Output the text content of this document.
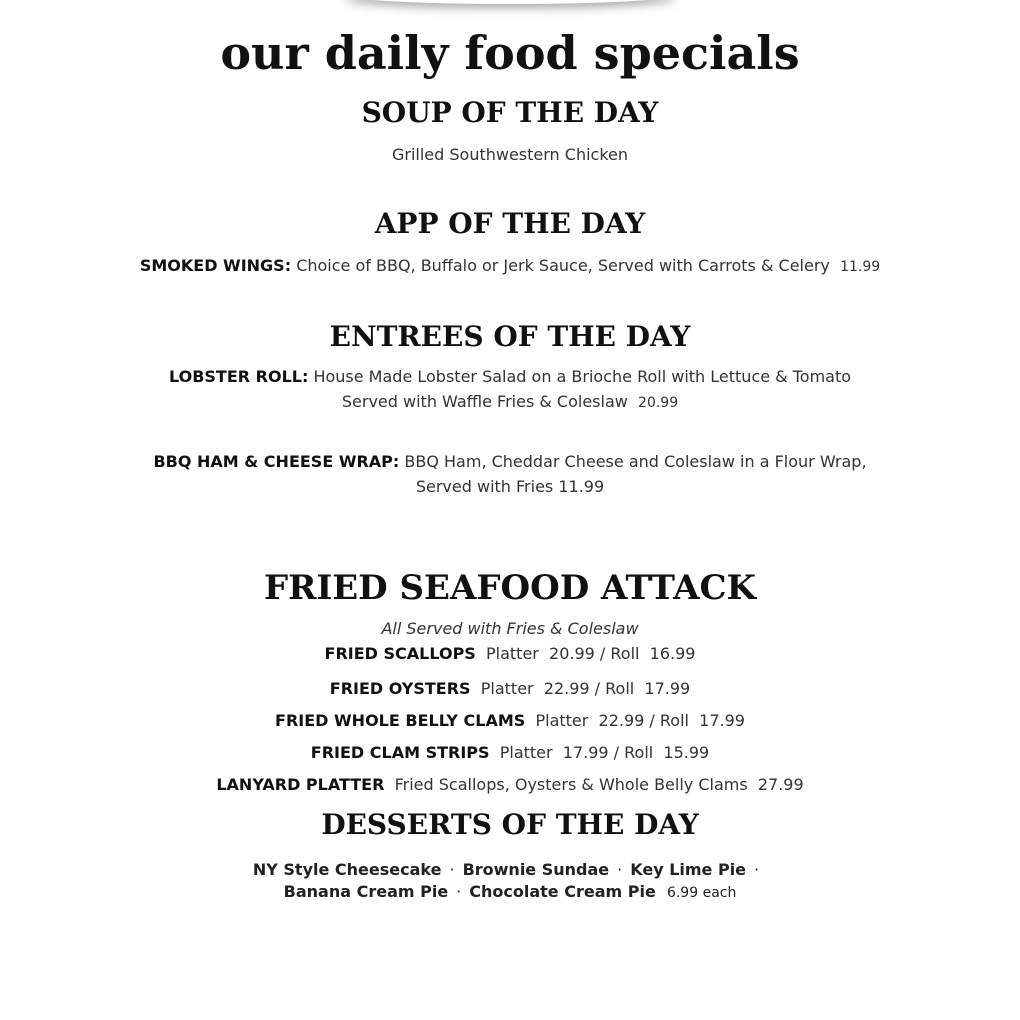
our daily food specials
SOUP OF THE DAY
Grilled Southwestern Chicken
APP OF THE DAY
SMOKED WINGS: Choice of BBQ, Buffalo or Jerk Sauce, Served with Carrots & Celery 11.99
ENTREES OF THE DAY
LOBSTER ROLL: House Made Lobster Salad on a Brioche Roll with Lettuce & Tomato
Served with Waffle Fries & Coleslaw 20.99
BBQ HAM & CHEESE WRAP: BBQ Ham, Cheddar Cheese and Coleslaw in a Flour Wrap,
Served with Fries 11.99
FRIED SEAFOOD ATTACK
All Served with Fries & Coleslaw
FRIED SCALLOPS Platter  20.99 / Roll  16.99
FRIED OYSTERS Platter  22.99 / Roll  17.99
FRIED WHOLE BELLY CLAMS Platter  22.99 / Roll  17.99
FRIED CLAM STRIPS Platter  17.99 / Roll  15.99
LANYARD PLATTER Fried Scallops, Oysters & Whole Belly Clams  27.99
DESSERTS OF THE DAY
NY Style Cheesecake · Brownie Sundae · Key Lime Pie ·
Banana Cream Pie · Chocolate Cream Pie 6.99 each
